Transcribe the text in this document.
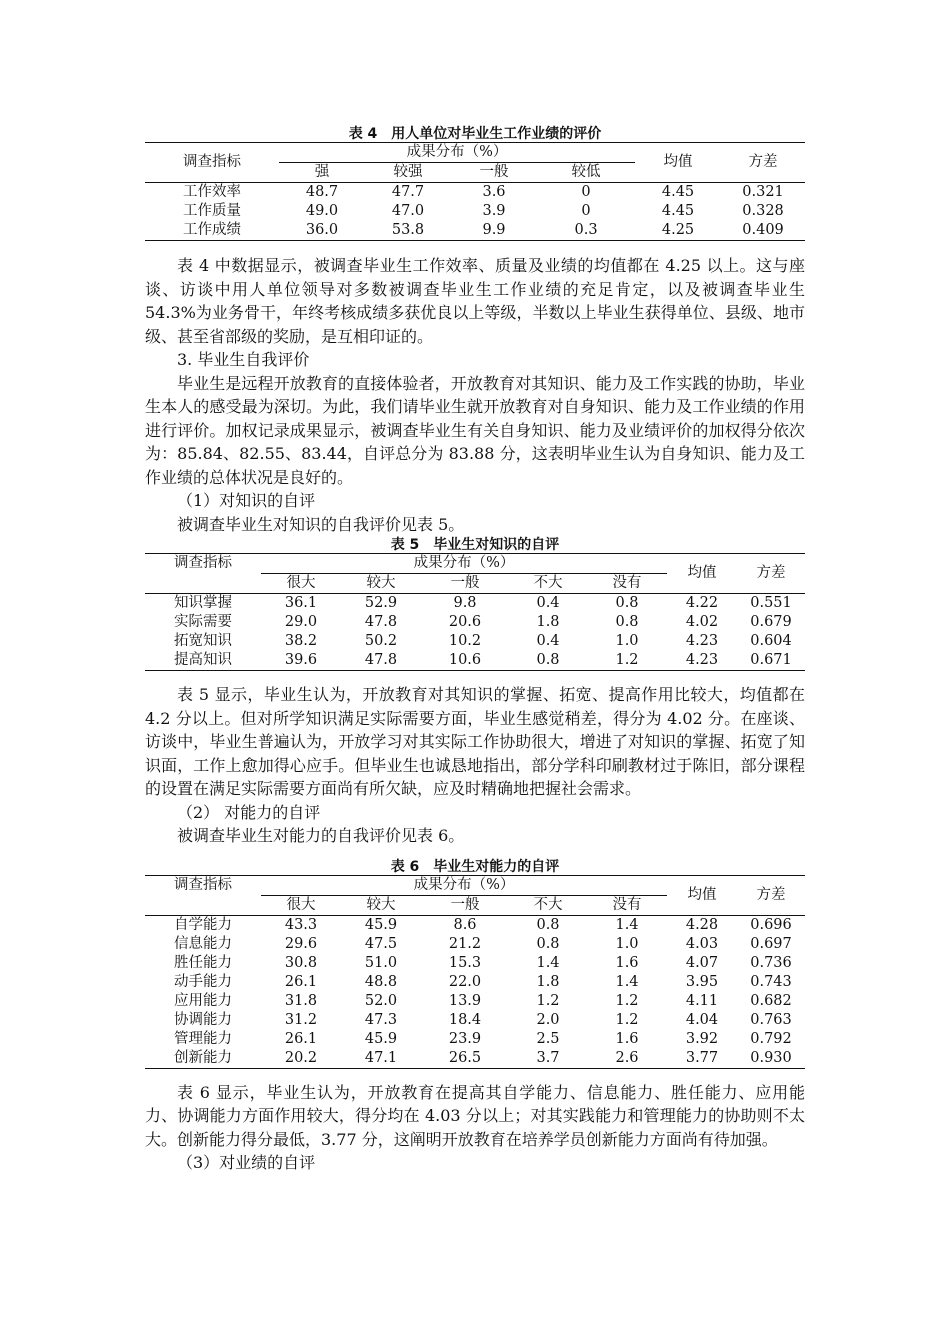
表 4　用人单位对毕业生工作业绩的评价
调查指标	成果分布（%）				均值	方差
	强	较强	一般	较低		
工作效率	48.7	47.7	3.6	0	4.45	0.321
工作质量	49.0	47.0	3.9	0	4.45	0.328
工作成绩	36.0	53.8	9.9	0.3	4.25	0.409

表 4 中数据显示，被调查毕业生工作效率、质量及业绩的均值都在 4.25 以上。这与座谈、访谈中用人单位领导对多数被调查毕业生工作业绩的充足肯定，以及被调查毕业生 54.3%为业务骨干，年终考核成绩多获优良以上等级，半数以上毕业生获得单位、县级、地市级、甚至省部级的奖励，是互相印证的。

3. 毕业生自我评价

毕业生是远程开放教育的直接体验者，开放教育对其知识、能力及工作实践的协助，毕业生本人的感受最为深切。为此，我们请毕业生就开放教育对自身知识、能力及工作业绩的作用进行评价。加权记录成果显示，被调查毕业生有关自身知识、能力及业绩评价的加权得分依次为：85.84、82.55、83.44，自评总分为 83.88 分，这表明毕业生认为自身知识、能力及工作业绩的总体状况是良好的。

（1）对知识的自评

被调查毕业生对知识的自我评价见表 5。

表 5　毕业生对知识的自评
调查指标	成果分布（%）					均值	方差
	很大	较大	一般	不大	没有		
知识掌握	36.1	52.9	9.8	0.4	0.8	4.22	0.551
实际需要	29.0	47.8	20.6	1.8	0.8	4.02	0.679
拓宽知识	38.2	50.2	10.2	0.4	1.0	4.23	0.604
提高知识	39.6	47.8	10.6	0.8	1.2	4.23	0.671

表 5 显示，毕业生认为，开放教育对其知识的掌握、拓宽、提高作用比较大，均值都在 4.2 分以上。但对所学知识满足实际需要方面，毕业生感觉稍差，得分为 4.02 分。在座谈、访谈中，毕业生普遍认为，开放学习对其实际工作协助很大，增进了对知识的掌握、拓宽了知识面，工作上愈加得心应手。但毕业生也诚恳地指出，部分学科印刷教材过于陈旧，部分课程的设置在满足实际需要方面尚有所欠缺，应及时精确地把握社会需求。

（2） 对能力的自评

被调查毕业生对能力的自我评价见表 6。

表 6　毕业生对能力的自评
调查指标	成果分布（%）					均值	方差
	很大	较大	一般	不大	没有		
自学能力	43.3	45.9	8.6	0.8	1.4	4.28	0.696
信息能力	29.6	47.5	21.2	0.8	1.0	4.03	0.697
胜任能力	30.8	51.0	15.3	1.4	1.6	4.07	0.736
动手能力	26.1	48.8	22.0	1.8	1.4	3.95	0.743
应用能力	31.8	52.0	13.9	1.2	1.2	4.11	0.682
协调能力	31.2	47.3	18.4	2.0	1.2	4.04	0.763
管理能力	26.1	45.9	23.9	2.5	1.6	3.92	0.792
创新能力	20.2	47.1	26.5	3.7	2.6	3.77	0.930

表 6 显示，毕业生认为，开放教育在提高其自学能力、信息能力、胜任能力、应用能力、协调能力方面作用较大，得分均在 4.03 分以上；对其实践能力和管理能力的协助则不太大。创新能力得分最低，3.77 分，这阐明开放教育在培养学员创新能力方面尚有待加强。

（3）对业绩的自评
